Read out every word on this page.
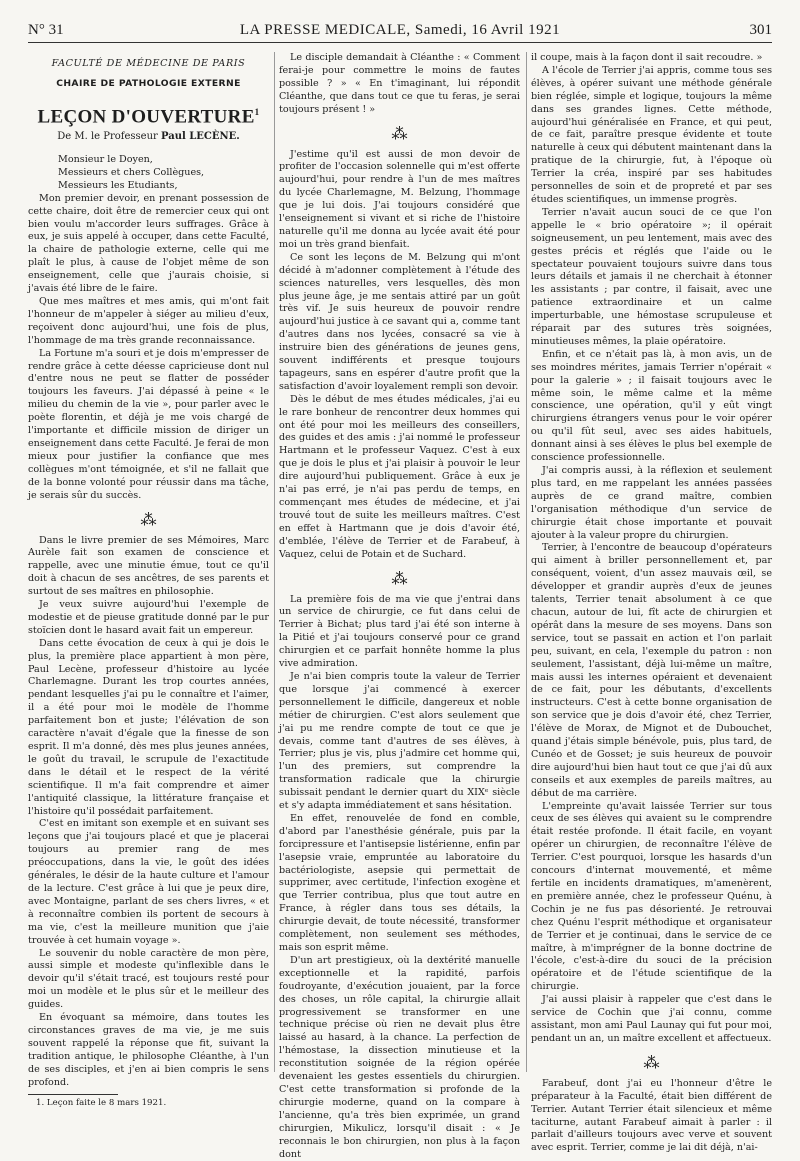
N° 31	LA PRESSE MEDICALE, Samedi, 16 Avril 1921	301

FACULTÉ DE MÉDECINE DE PARIS

CHAIRE DE PATHOLOGIE EXTERNE

LEÇON D'OUVERTURE$^1$

De M. le Professeur Paul LECÈNE.

Monsieur le Doyen,

Messieurs et chers Collègues,

Messieurs les Etudiants,

Mon premier devoir, en prenant possession de cette chaire, doit être de remercier ceux qui ont bien voulu m'accorder leurs suffrages. Grâce à eux, je suis appelé à occuper, dans cette Faculté, la chaire de pathologie externe, celle qui me plaît le plus, à cause de l'objet même de son enseignement, celle que j'aurais choisie, si j'avais été libre de le faire.

Que mes maîtres et mes amis, qui m'ont fait l'honneur de m'appeler à siéger au milieu d'eux, reçoivent donc aujourd'hui, une fois de plus, l'hommage de ma très grande reconnaissance.

La Fortune m'a souri et je dois m'empresser de rendre grâce à cette déesse capricieuse dont nul d'entre nous ne peut se flatter de posséder toujours les faveurs. J'ai dépassé à peine « le milieu du chemin de la vie », pour parler avec le poète florentin, et déjà je me vois chargé de l'importante et difficile mission de diriger un enseignement dans cette Faculté. Je ferai de mon mieux pour justifier la confiance que mes collègues m'ont témoignée, et s'il ne fallait que de la bonne volonté pour réussir dans ma tâche, je serais sûr du succès.

⁂

Dans le livre premier de ses Mémoires, Marc Aurèle fait son examen de conscience et rappelle, avec une minutie émue, tout ce qu'il doit à chacun de ses ancêtres, de ses parents et surtout de ses maîtres en philosophie.

Je veux suivre aujourd'hui l'exemple de modestie et de pieuse gratitude donné par le pur stoïcien dont le hasard avait fait un empereur.

Dans cette évocation de ceux à qui je dois le plus, la première place appartient à mon père, Paul Lecène, professeur d'histoire au lycée Charlemagne. Durant les trop courtes années, pendant lesquelles j'ai pu le connaître et l'aimer, il a été pour moi le modèle de l'homme parfaitement bon et juste; l'élévation de son caractère n'avait d'égale que la finesse de son esprit. Il m'a donné, dès mes plus jeunes années, le goût du travail, le scrupule de l'exactitude dans le détail et le respect de la vérité scientifique. Il m'a fait comprendre et aimer l'antiquité classique, la littérature française et l'histoire qu'il possédait parfaitement.

C'est en imitant son exemple et en suivant ses leçons que j'ai toujours placé et que je placerai toujours au premier rang de mes préoccupations, dans la vie, le goût des idées générales, le désir de la haute culture et l'amour de la lecture. C'est grâce à lui que je peux dire, avec Montaigne, parlant de ses chers livres, « et à reconnaître combien ils portent de secours à ma vie, c'est la meilleure munition que j'aie trouvée à cet humain voyage ».

Le souvenir du noble caractère de mon père, aussi simple et modeste qu'inflexible dans le devoir qu'il s'était tracé, est toujours resté pour moi un modèle et le plus sûr et le meilleur des guides.

En évoquant sa mémoire, dans toutes les circonstances graves de ma vie, je me suis souvent rappelé la réponse que fit, suivant la tradition antique, le philosophe Cléanthe, à l'un de ses disciples, et j'en ai bien compris le sens profond.

1. Leçon faite le 8 mars 1921.

Le disciple demandait à Cléanthe : « Comment ferai-je pour commettre le moins de fautes possible ? » « En t'imaginant, lui répondit Cléanthe, que dans tout ce que tu feras, je serai toujours présent ! »

⁂

J'estime qu'il est aussi de mon devoir de profiter de l'occasion solennelle qui m'est offerte aujourd'hui, pour rendre à l'un de mes maîtres du lycée Charlemagne, M. Belzung, l'hommage que je lui dois. J'ai toujours considéré que l'enseignement si vivant et si riche de l'histoire naturelle qu'il me donna au lycée avait été pour moi un très grand bienfait.

Ce sont les leçons de M. Belzung qui m'ont décidé à m'adonner complètement à l'étude des sciences naturelles, vers lesquelles, dès mon plus jeune âge, je me sentais attiré par un goût très vif. Je suis heureux de pouvoir rendre aujourd'hui justice à ce savant qui a, comme tant d'autres dans nos lycées, consacré sa vie à instruire bien des générations de jeunes gens, souvent indifférents et presque toujours tapageurs, sans en espérer d'autre profit que la satisfaction d'avoir loyalement rempli son devoir.

Dès le début de mes études médicales, j'ai eu le rare bonheur de rencontrer deux hommes qui ont été pour moi les meilleurs des conseillers, des guides et des amis : j'ai nommé le professeur Hartmann et le professeur Vaquez. C'est à eux que je dois le plus et j'ai plaisir à pouvoir le leur dire aujourd'hui publiquement. Grâce à eux je n'ai pas erré, je n'ai pas perdu de temps, en commençant mes études de médecine, et j'ai trouvé tout de suite les meilleurs maîtres. C'est en effet à Hartmann que je dois d'avoir été, d'emblée, l'élève de Terrier et de Farabeuf, à Vaquez, celui de Potain et de Suchard.

⁂

La première fois de ma vie que j'entrai dans un service de chirurgie, ce fut dans celui de Terrier à Bichat; plus tard j'ai été son interne à la Pitié et j'ai toujours conservé pour ce grand chirurgien et ce parfait honnête homme la plus vive admiration.

Je n'ai bien compris toute la valeur de Terrier que lorsque j'ai commencé à exercer personnellement le difficile, dangereux et noble métier de chirurgien. C'est alors seulement que j'ai pu me rendre compte de tout ce que je devais, comme tant d'autres de ses élèves, à Terrier; plus je vis, plus j'admire cet homme qui, l'un des premiers, sut comprendre la transformation radicale que la chirurgie subissait pendant le dernier quart du XIXᵉ siècle et s'y adapta immédiatement et sans hésitation.

En effet, renouvelée de fond en comble, d'abord par l'anesthésie générale, puis par la forcipressure et l'antisepsie listérienne, enfin par l'asepsie vraie, empruntée au laboratoire du bactériologiste, asepsie qui permettait de supprimer, avec certitude, l'infection exogène et que Terrier contribua, plus que tout autre en France, à régler dans tous ses détails, la chirurgie devait, de toute nécessité, transformer complètement, non seulement ses méthodes, mais son esprit même.

D'un art prestigieux, où la dextérité manuelle exceptionnelle et la rapidité, parfois foudroyante, d'exécution jouaient, par la force des choses, un rôle capital, la chirurgie allait progressivement se transformer en une technique précise où rien ne devait plus être laissé au hasard, à la chance. La perfection de l'hémostase, la dissection minutieuse et la reconstitution soignée de la région opérée devenaient les gestes essentiels du chirurgien. C'est cette transformation si profonde de la chirurgie moderne, quand on la compare à l'ancienne, qu'a très bien exprimée, un grand chirurgien, Mikulicz, lorsqu'il disait : « Je reconnais le bon chirurgien, non plus à la façon dont

il coupe, mais à la façon dont il sait recoudre. »

A l'école de Terrier j'ai appris, comme tous ses élèves, à opérer suivant une méthode générale bien réglée, simple et logique, toujours la même dans ses grandes lignes. Cette méthode, aujourd'hui généralisée en France, et qui peut, de ce fait, paraître presque évidente et toute naturelle à ceux qui débutent maintenant dans la pratique de la chirurgie, fut, à l'époque où Terrier la créa, inspiré par ses habitudes personnelles de soin et de propreté et par ses études scientifiques, un immense progrès.

Terrier n'avait aucun souci de ce que l'on appelle le « brio opératoire »; il opérait soigneusement, un peu lentement, mais avec des gestes précis et réglés que l'aide ou le spectateur pouvaient toujours suivre dans tous leurs détails et jamais il ne cherchait à étonner les assistants ; par contre, il faisait, avec une patience extraordinaire et un calme imperturbable, une hémostase scrupuleuse et réparait par des sutures très soignées, minutieuses mêmes, la plaie opératoire.

Enfin, et ce n'était pas là, à mon avis, un de ses moindres mérites, jamais Terrier n'opérait « pour la galerie » ; il faisait toujours avec le même soin, le même calme et la même conscience, une opération, qu'il y eût vingt chirurgiens étrangers venus pour le voir opérer ou qu'il fût seul, avec ses aides habituels, donnant ainsi à ses élèves le plus bel exemple de conscience professionnelle.

J'ai compris aussi, à la réflexion et seulement plus tard, en me rappelant les années passées auprès de ce grand maître, combien l'organisation méthodique d'un service de chirurgie était chose importante et pouvait ajouter à la valeur propre du chirurgien.

Terrier, à l'encontre de beaucoup d'opérateurs qui aiment à briller personnellement et, par conséquent, voient, d'un assez mauvais œil, se développer et grandir auprès d'eux de jeunes talents, Terrier tenait absolument à ce que chacun, autour de lui, fît acte de chirurgien et opérât dans la mesure de ses moyens. Dans son service, tout se passait en action et l'on parlait peu, suivant, en cela, l'exemple du patron : non seulement, l'assistant, déjà lui-même un maître, mais aussi les internes opéraient et devenaient de ce fait, pour les débutants, d'excellents instructeurs. C'est à cette bonne organisation de son service que je dois d'avoir été, chez Terrier, l'élève de Morax, de Mignot et de Dubouchet, quand j'étais simple bénévole, puis, plus tard, de Cunéo et de Gosset; je suis heureux de pouvoir dire aujourd'hui bien haut tout ce que j'ai dû aux conseils et aux exemples de pareils maîtres, au début de ma carrière.

L'empreinte qu'avait laissée Terrier sur tous ceux de ses élèves qui avaient su le comprendre était restée profonde. Il était facile, en voyant opérer un chirurgien, de reconnaître l'élève de Terrier. C'est pourquoi, lorsque les hasards d'un concours d'internat mouvementé, et même fertile en incidents dramatiques, m'amenèrent, en première année, chez le professeur Quénu, à Cochin je ne fus pas désorienté. Je retrouvai chez Quénu l'esprit méthodique et organisateur de Terrier et je continuai, dans le service de ce maître, à m'imprégner de la bonne doctrine de l'école, c'est-à-dire du souci de la précision opératoire et de l'étude scientifique de la chirurgie.

J'ai aussi plaisir à rappeler que c'est dans le service de Cochin que j'ai connu, comme assistant, mon ami Paul Launay qui fut pour moi, pendant un an, un maître excellent et affectueux.

⁂

Farabeuf, dont j'ai eu l'honneur d'être le préparateur à la Faculté, était bien différent de Terrier. Autant Terrier était silencieux et même taciturne, autant Farabeuf aimait à parler : il parlait d'ailleurs toujours avec verve et souvent avec esprit. Terrier, comme je lai dit déjà, n'ai-
